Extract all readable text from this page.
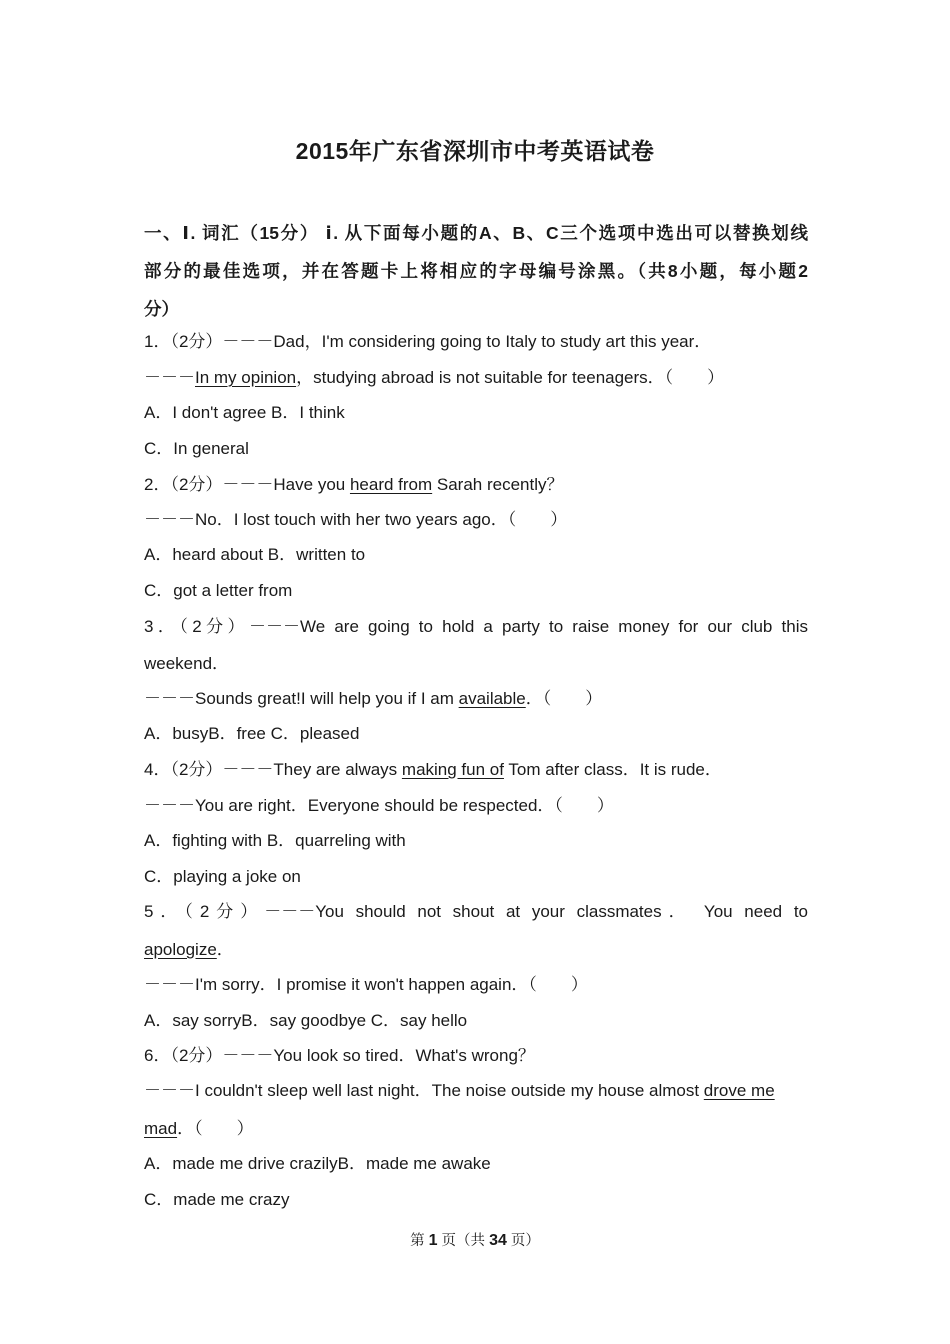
2015年广东省深圳市中考英语试卷
一、Ⅰ. 词汇（15分） ⅰ. 从下面每小题的A、B、C三个选项中选出可以替换划线
部分的最佳选项，并在答题卡上将相应的字母编号涂黑。（共8小题，每小题2
分）
1．（2分）－－－Dad，I'm considering going to Italy to study art this year．
－－－In my opinion，studying abroad is not suitable for teenagers．（　　）
A．I don't agree B．I think
C．In general
2．（2分）－－－Have you heard from Sarah recently？
－－－No．I lost touch with her two years ago．（　　）
A．heard about B．written to
C．got a letter from
3．（2分）－－－We are going to hold a party to raise money for our club this
weekend．
－－－Sounds great!I will help you if I am available．（　　）
A．busyB．free C．pleased
4．（2分）－－－They are always making fun of Tom after class．It is rude．
－－－You are right．Everyone should be respected．（　　）
A．fighting with B．quarreling with
C．playing a joke on
5．（2分）－－－You should not shout at your classmates． You need to
apologize．
－－－I'm sorry．I promise it won't happen again．（　　）
A．say sorryB．say goodbye C．say hello
6．（2分）－－－You look so tired．What's wrong？
－－－I couldn't sleep well last night．The noise outside my house almost drove me
mad．（　　）
A．made me drive crazilyB．made me awake
C．made me crazy
第 1 页（共 34 页）
